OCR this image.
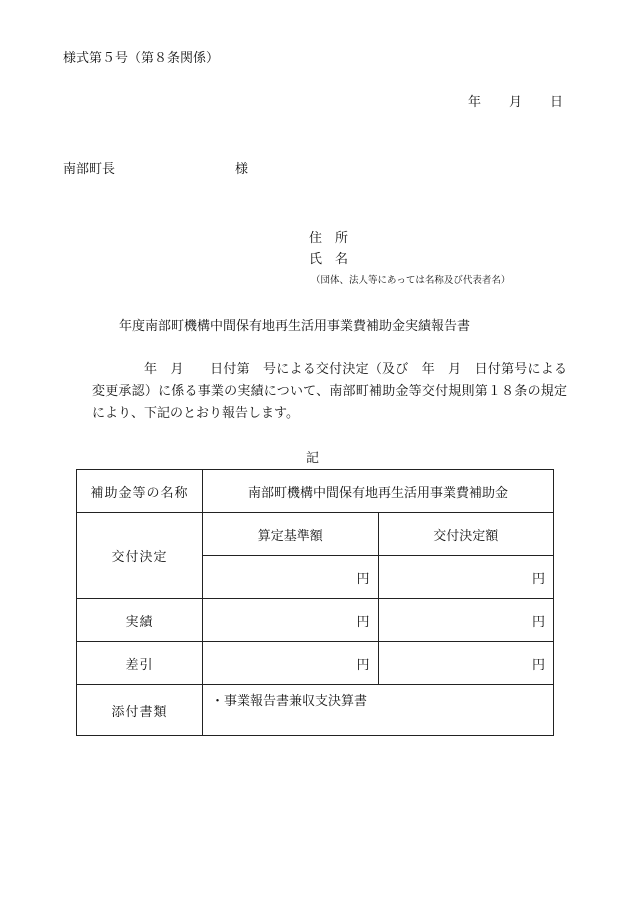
様式第５号（第８条関係）
年 月 日
南部町長	様
住　所
氏　名
（団体、法人等にあっては名称及び代表者名）
年度南部町機構中間保有地再生活用事業費補助金実績報告書
年　月　　日付第　号による交付決定（及び　年　月　日付第号による変更承認）に係る事業の実績について、南部町補助金等交付規則第１８条の規定により、下記のとおり報告します。
記
補助金等の名称	南部町機構中間保有地再生活用事業費補助金	
交付決定	算定基準額	交付決定額
	円	円
実績	円	円
差引	円	円
添付書類	・事業報告書兼収支決算書	
